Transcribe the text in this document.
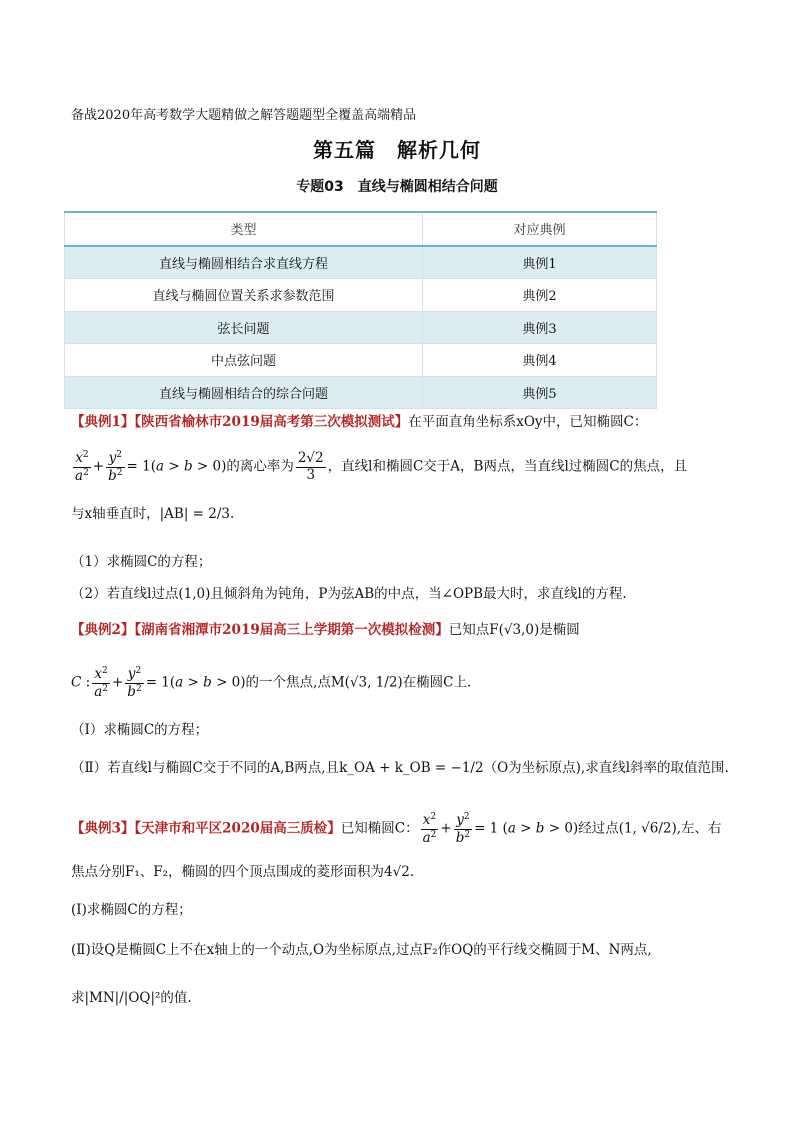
备战2020年高考数学大题精做之解答题题型全覆盖高端精品
第五篇　解析几何
专题03　直线与椭圆相结合问题
类型	对应典例
直线与椭圆相结合求直线方程	典例1
直线与椭圆位置关系求参数范围	典例2
弦长问题	典例3
中点弦问题	典例4
直线与椭圆相结合的综合问题	典例5
【典例1】【陕西省榆林市2019届高考第三次模拟测试】在平面直角坐标系xOy中，已知椭圆C：
$\frac{x^2}{a^2} + \frac{y^2}{b^2} = 1(a > b > 0)$的离心率为 $\frac{2√2}{3}$ ，直线l和椭圆C交于A，B两点，当直线l过椭圆C的焦点，且
与x轴垂直时，|AB| = 2/3.
（1）求椭圆C的方程；
（2）若直线l过点(1,0)且倾斜角为钝角，P为弦AB的中点，当∠OPB最大时，求直线l的方程.
【典例2】【湖南省湘潭市2019届高三上学期第一次模拟检测】已知点F(√3,0)是椭圆
C : $\frac{x^2}{a^2} + \frac{y^2}{b^2} = 1(a > b > 0)$的一个焦点,点M(√3, 1/2)在椭圆C上.
（Ⅰ）求椭圆C的方程；
（Ⅱ）若直线l与椭圆C交于不同的A,B两点,且k_OA + k_OB = −1/2（O为坐标原点),求直线l斜率的取值范围.
【典例3】【天津市和平区2020届高三质检】已知椭圆C： $\frac{x^2}{a^2} + \frac{y^2}{b^2} = 1$ (a > b > 0)经过点(1, √6/2),左、右
焦点分别F₁、F₂，椭圆的四个顶点围成的菱形面积为4√2.
(Ⅰ)求椭圆C的方程；
(Ⅱ)设Q是椭圆C上不在x轴上的一个动点,O为坐标原点,过点F₂作OQ的平行线交椭圆于M、N两点,
求|MN|/|OQ|²的值.
